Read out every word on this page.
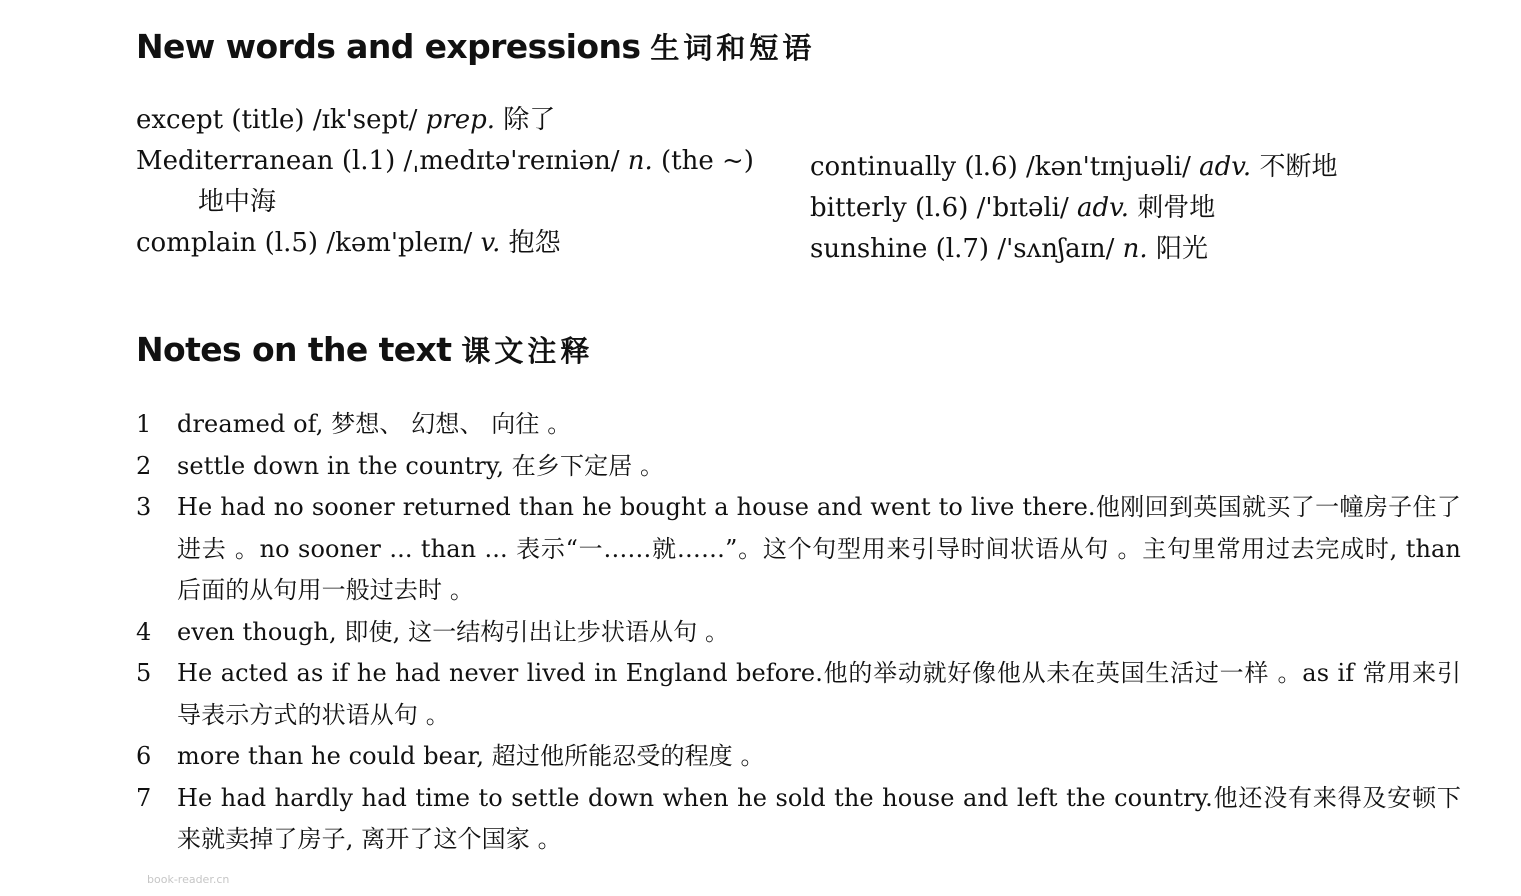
New words and expressions 生词和短语

except (title) /ɪk'sept/ prep. 除了

Mediterranean (l.1) /ˌmedɪtə'reɪniən/ n. (the ~)

地中海

complain (l.5) /kəm'pleɪn/ v. 抱怨

continually (l.6) /kən'tɪnjuəli/ adv. 不断地

bitterly (l.6) /'bɪtəli/ adv. 刺骨地

sunshine (l.7) /'sʌnʃaɪn/ n. 阳光

Notes on the text 课文注释
1	dreamed of, 梦想、 幻想、 向往 。
2	settle down in the country, 在乡下定居 。
3	He had no sooner returned than he bought a house and went to live there.他刚回到英国就买了一幢房子住了进去 。no sooner ... than ... 表示“一……就……”。这个句型用来引导时间状语从句 。主句里常用过去完成时, than 后面的从句用一般过去时 。
4	even though, 即使, 这一结构引出让步状语从句 。
5	He acted as if he had never lived in England before.他的举动就好像他从未在英国生活过一样 。as if 常用来引导表示方式的状语从句 。
6	more than he could bear, 超过他所能忍受的程度 。
7	He had hardly had time to settle down when he sold the house and left the country.他还没有来得及安顿下来就卖掉了房子, 离开了这个国家 。
book-reader.cn
